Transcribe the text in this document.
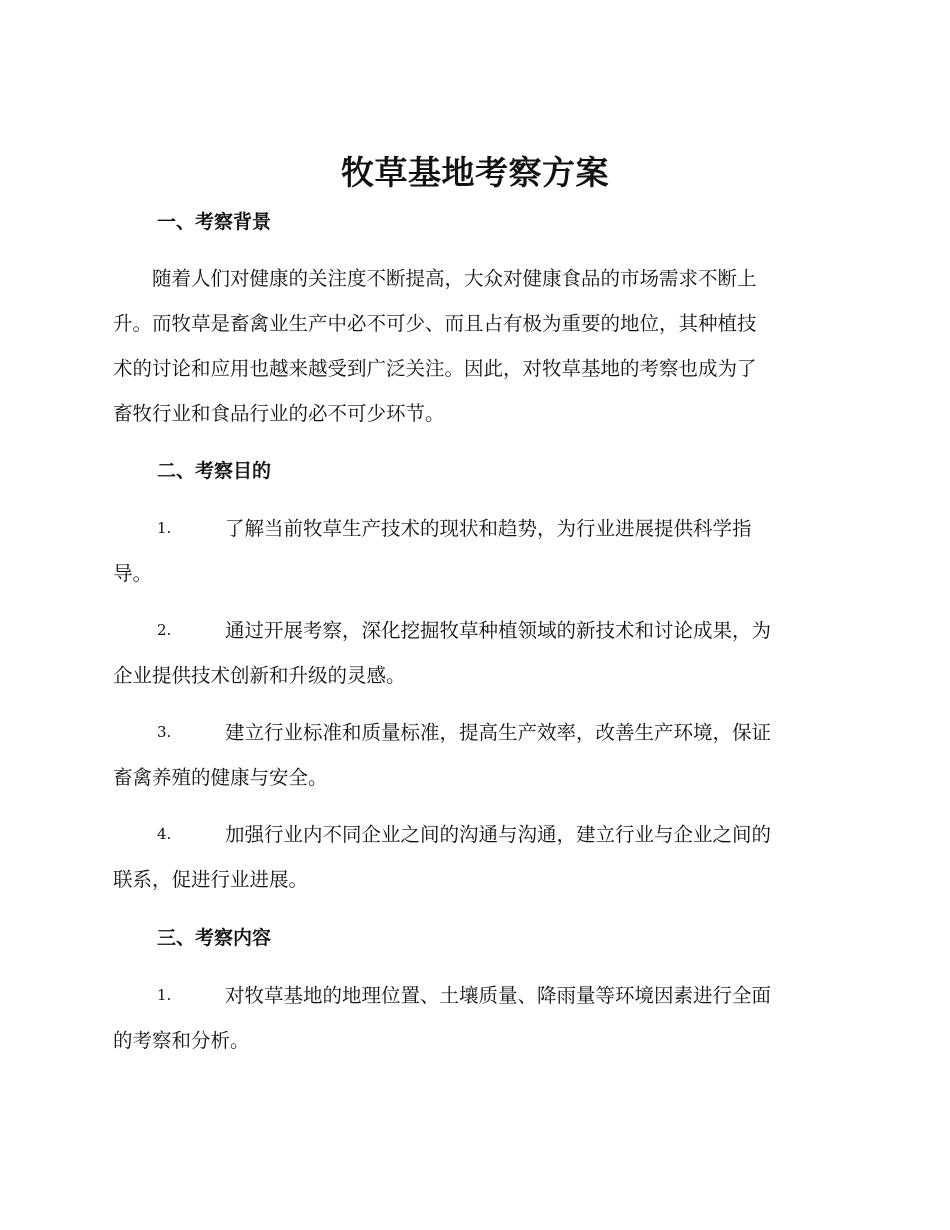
牧草基地考察方案
一、考察背景
随着人们对健康的关注度不断提高，大众对健康食品的市场需求不断上
升。而牧草是畜禽业生产中必不可少、而且占有极为重要的地位，其种植技
术的讨论和应用也越来越受到广泛关注。因此，对牧草基地的考察也成为了
畜牧行业和食品行业的必不可少环节。
二、考察目的
1.	了解当前牧草生产技术的现状和趋势，为行业进展提供科学指
导。
2.	通过开展考察，深化挖掘牧草种植领域的新技术和讨论成果，为
企业提供技术创新和升级的灵感。
3.	建立行业标准和质量标准，提高生产效率，改善生产环境，保证
畜禽养殖的健康与安全。
4.	加强行业内不同企业之间的沟通与沟通，建立行业与企业之间的
联系，促进行业进展。
三、考察内容
1.	对牧草基地的地理位置、土壤质量、降雨量等环境因素进行全面
的考察和分析。
